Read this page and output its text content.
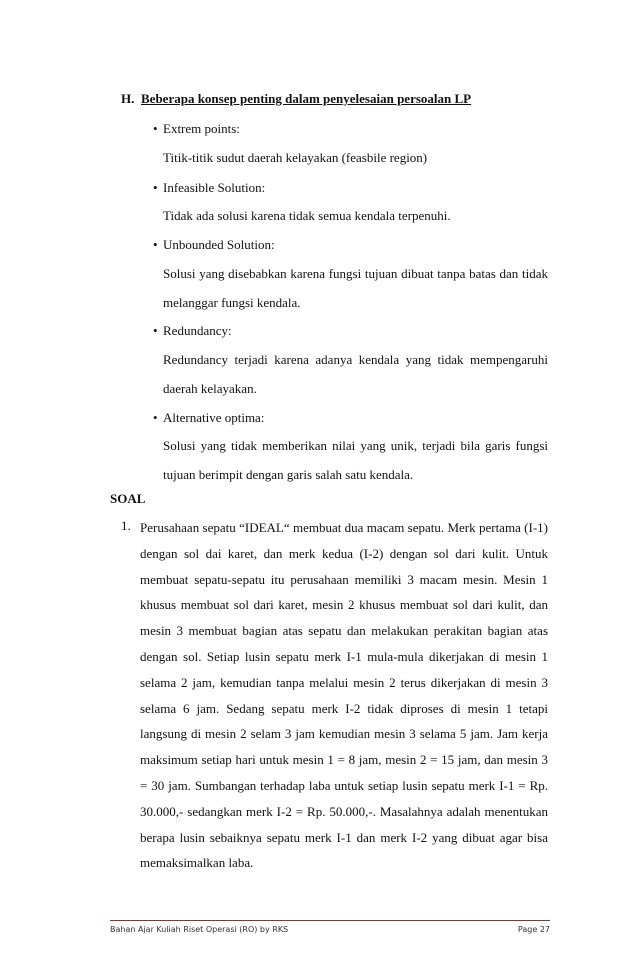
H. Beberapa konsep penting dalam penyelesaian persoalan LP
• Extrem points:
Titik-titik sudut daerah kelayakan (feasbile region)
• Infeasible Solution:
Tidak ada solusi karena tidak semua kendala terpenuhi.
• Unbounded Solution:
Solusi yang disebabkan karena fungsi tujuan dibuat tanpa batas dan tidak melanggar fungsi kendala.
• Redundancy:
Redundancy terjadi karena adanya kendala yang tidak mempengaruhi daerah kelayakan.
• Alternative optima:
Solusi yang tidak memberikan nilai yang unik, terjadi bila garis fungsi tujuan berimpit dengan garis salah satu kendala.
SOAL
1. Perusahaan sepatu “IDEAL“ membuat dua macam sepatu. Merk pertama (I-1) dengan sol dai karet, dan merk kedua (I-2) dengan sol dari kulit. Untuk membuat sepatu-sepatu itu perusahaan memiliki 3 macam mesin. Mesin 1 khusus membuat sol dari karet, mesin 2 khusus membuat sol dari kulit, dan mesin 3 membuat bagian atas sepatu dan melakukan perakitan bagian atas dengan sol. Setiap lusin sepatu merk I-1 mula-mula dikerjakan di mesin 1 selama 2 jam, kemudian tanpa melalui mesin 2 terus dikerjakan di mesin 3 selama 6 jam. Sedang sepatu merk I-2 tidak diproses di mesin 1 tetapi langsung di mesin 2 selam 3 jam kemudian mesin 3 selama 5 jam. Jam kerja maksimum setiap hari untuk mesin 1 = 8 jam, mesin 2 = 15 jam, dan mesin 3 = 30 jam. Sumbangan terhadap laba untuk setiap lusin sepatu merk I-1 = Rp. 30.000,- sedangkan merk I-2 = Rp. 50.000,-. Masalahnya adalah menentukan berapa lusin sebaiknya sepatu merk I-1 dan merk I-2 yang dibuat agar bisa memaksimalkan laba.
Bahan Ajar Kuliah Riset Operasi (RO) by RKS	Page 27
